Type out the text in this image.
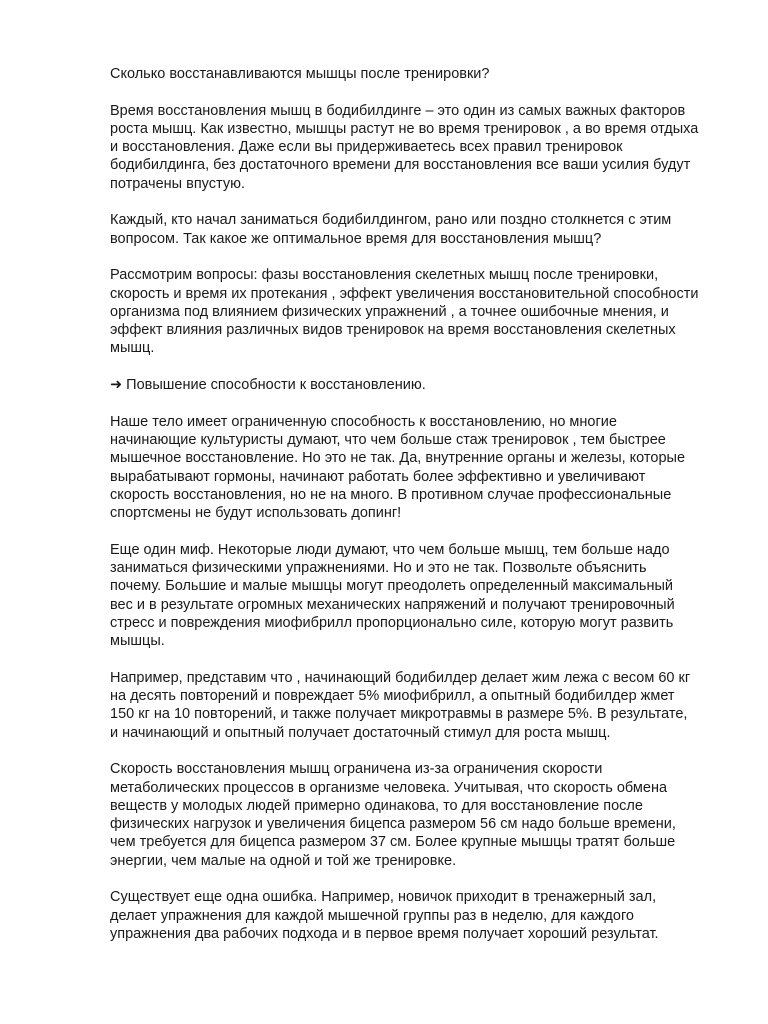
Сколько восстанавливаются мышцы после тренировки?

Время восстановления мышц в бодибилдинге – это один из самых важных факторов
роста мышц. Как известно, мышцы растут не во время тренировок , а во время отдыха
и восстановления. Даже если вы придерживаетесь всех правил тренировок
бодибилдинга, без достаточного времени для восстановления все ваши усилия будут
потрачены впустую.

Каждый, кто начал заниматься бодибилдингом, рано или поздно столкнется с этим
вопросом. Так какое же оптимальное время для восстановления мышц?

Рассмотрим вопросы: фазы восстановления скелетных мышц после тренировки,
скорость и время их протекания , эффект увеличения восстановительной способности
организма под влиянием физических упражнений , а точнее ошибочные мнения, и
эффект влияния различных видов тренировок на время восстановления скелетных
мышц.

➜ Повышение способности к восстановлению.

Наше тело имеет ограниченную способность к восстановлению, но многие
начинающие культуристы думают, что чем больше стаж тренировок , тем быстрее
мышечное восстановление. Но это не так. Да, внутренние органы и железы, которые
вырабатывают гормоны, начинают работать более эффективно и увеличивают
скорость восстановления, но не на много. В противном случае профессиональные
спортсмены не будут использовать допинг!

Еще один миф. Некоторые люди думают, что чем больше мышц, тем больше надо
заниматься физическими упражнениями. Но и это не так. Позвольте объяснить
почему. Большие и малые мышцы могут преодолеть определенный максимальный
вес и в результате огромных механических напряжений и получают тренировочный
стресс и повреждения миофибрилл пропорционально силе, которую могут развить
мышцы.

Например, представим что , начинающий бодибилдер делает жим лежа с весом 60 кг
на десять повторений и повреждает 5% миофибрилл, а опытный бодибилдер жмет
150 кг на 10 повторений, и также получает микротравмы в размере 5%. В результате,
и начинающий и опытный получает достаточный стимул для роста мышц.

Скорость восстановления мышц ограничена из-за ограничения скорости
метаболических процессов в организме человека. Учитывая, что скорость обмена
веществ у молодых людей примерно одинакова, то для восстановление после
физических нагрузок и увеличения бицепса размером 56 см надо больше времени,
чем требуется для бицепса размером 37 см. Более крупные мышцы тратят больше
энергии, чем малые на одной и той же тренировке.

Существует еще одна ошибка. Например, новичок приходит в тренажерный зал,
делает упражнения для каждой мышечной группы раз в неделю, для каждого
упражнения два рабочих подхода и в первое время получает хороший результат.
